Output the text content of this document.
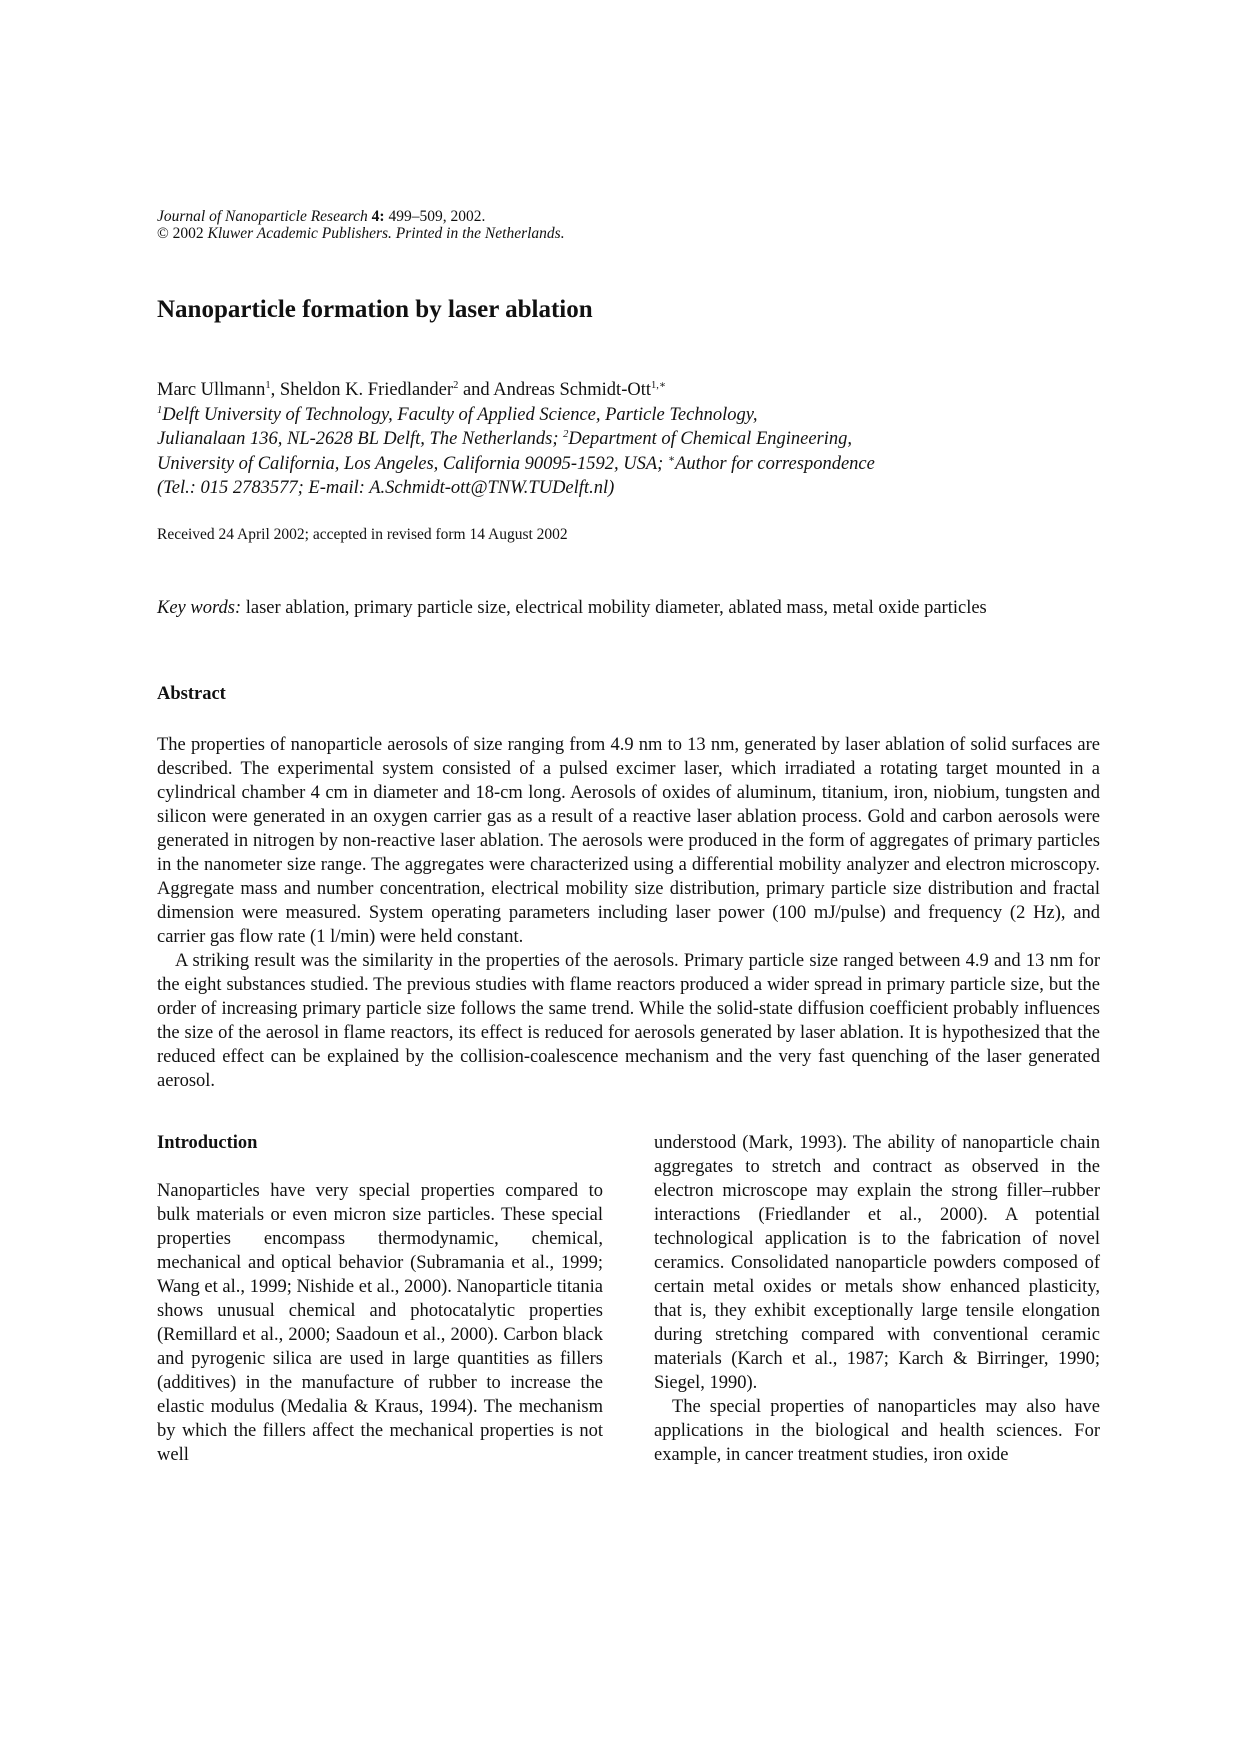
Journal of Nanoparticle Research 4: 499–509, 2002.
© 2002 Kluwer Academic Publishers. Printed in the Netherlands.
Nanoparticle formation by laser ablation
Marc Ullmann$^1$, Sheldon K. Friedlander$^2$ and Andreas Schmidt-Ott$^{1,∗}$
$^1$Delft University of Technology, Faculty of Applied Science, Particle Technology,
Julianalaan 136, NL-2628 BL Delft, The Netherlands; $^2$Department of Chemical Engineering,
University of California, Los Angeles, California 90095-1592, USA; ∗Author for correspondence
(Tel.: 015 2783577; E-mail: A.Schmidt-ott@TNW.TUDelft.nl)
Received 24 April 2002; accepted in revised form 14 August 2002
Key words: laser ablation, primary particle size, electrical mobility diameter, ablated mass, metal oxide particles
Abstract

The properties of nanoparticle aerosols of size ranging from 4.9 nm to 13 nm, generated by laser ablation of solid surfaces are described. The experimental system consisted of a pulsed excimer laser, which irradiated a rotating target mounted in a cylindrical chamber 4 cm in diameter and 18-cm long. Aerosols of oxides of aluminum, titanium, iron, niobium, tungsten and silicon were generated in an oxygen carrier gas as a result of a reactive laser ablation process. Gold and carbon aerosols were generated in nitrogen by non-reactive laser ablation. The aerosols were produced in the form of aggregates of primary particles in the nanometer size range. The aggregates were characterized using a differential mobility analyzer and electron microscopy. Aggregate mass and number concentration, electrical mobility size distribution, primary particle size distribution and fractal dimension were measured. System operating parameters including laser power (100 mJ/pulse) and frequency (2 Hz), and carrier gas flow rate (1 l/min) were held constant.

A striking result was the similarity in the properties of the aerosols. Primary particle size ranged between 4.9 and 13 nm for the eight substances studied. The previous studies with flame reactors produced a wider spread in primary particle size, but the order of increasing primary particle size follows the same trend. While the solid-state diffusion coefficient probably influences the size of the aerosol in flame reactors, its effect is reduced for aerosols generated by laser ablation. It is hypothesized that the reduced effect can be explained by the collision-coalescence mechanism and the very fast quenching of the laser generated aerosol.

Introduction

Nanoparticles have very special properties compared to bulk materials or even micron size particles. These special properties encompass thermodynamic, chemical, mechanical and optical behavior (Subramania et al., 1999; Wang et al., 1999; Nishide et al., 2000). Nanoparticle titania shows unusual chemical and photocatalytic properties (Remillard et al., 2000; Saadoun et al., 2000). Carbon black and pyrogenic silica are used in large quantities as fillers (additives) in the manufacture of rubber to increase the elastic modulus (Medalia & Kraus, 1994). The mechanism by which the fillers affect the mechanical properties is not well

understood (Mark, 1993). The ability of nanoparticle chain aggregates to stretch and contract as observed in the electron microscope may explain the strong filler–rubber interactions (Friedlander et al., 2000). A potential technological application is to the fabrication of novel ceramics. Consolidated nanoparticle powders composed of certain metal oxides or metals show enhanced plasticity, that is, they exhibit exceptionally large tensile elongation during stretching compared with conventional ceramic materials (Karch et al., 1987; Karch & Birringer, 1990; Siegel, 1990).

The special properties of nanoparticles may also have applications in the biological and health sciences. For example, in cancer treatment studies, iron oxide
